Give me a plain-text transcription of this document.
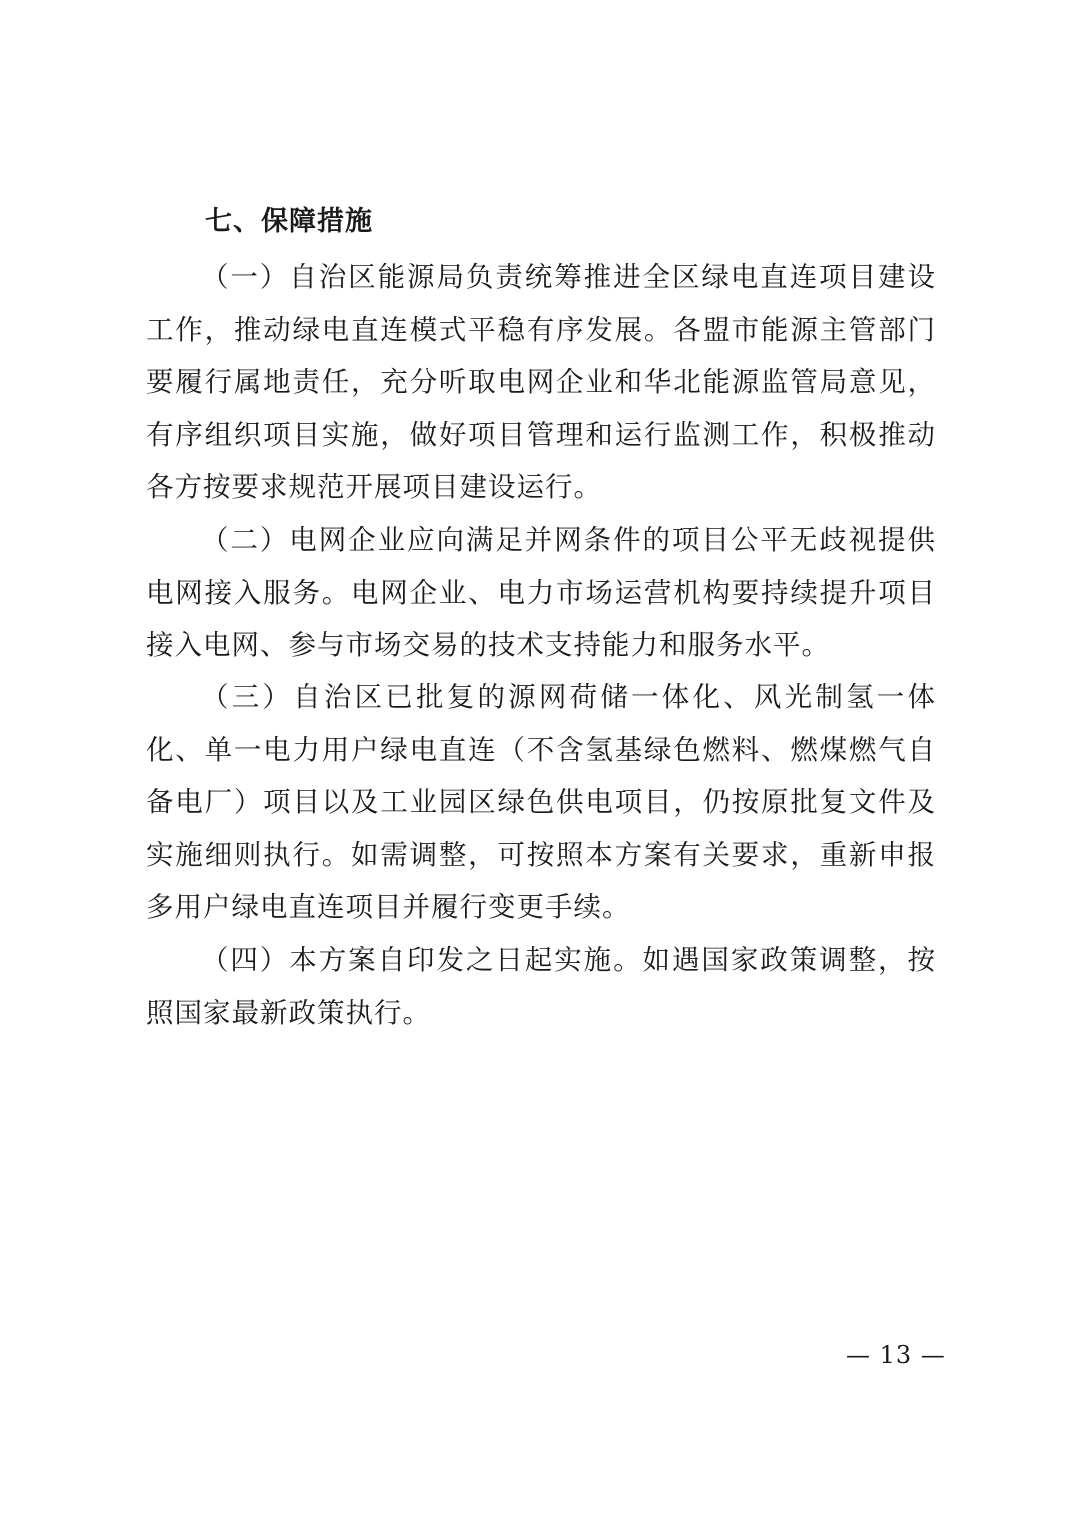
七、保障措施

（一）自治区能源局负责统筹推进全区绿电直连项目建设工作，推动绿电直连模式平稳有序发展。各盟市能源主管部门要履行属地责任，充分听取电网企业和华北能源监管局意见，有序组织项目实施，做好项目管理和运行监测工作，积极推动各方按要求规范开展项目建设运行。

（二）电网企业应向满足并网条件的项目公平无歧视提供电网接入服务。电网企业、电力市场运营机构要持续提升项目接入电网、参与市场交易的技术支持能力和服务水平。

（三）自治区已批复的源网荷储一体化、风光制氢一体化、单一电力用户绿电直连（不含氢基绿色燃料、燃煤燃气自备电厂）项目以及工业园区绿色供电项目，仍按原批复文件及实施细则执行。如需调整，可按照本方案有关要求，重新申报多用户绿电直连项目并履行变更手续。

（四）本方案自印发之日起实施。如遇国家政策调整，按照国家最新政策执行。

— 13 —
